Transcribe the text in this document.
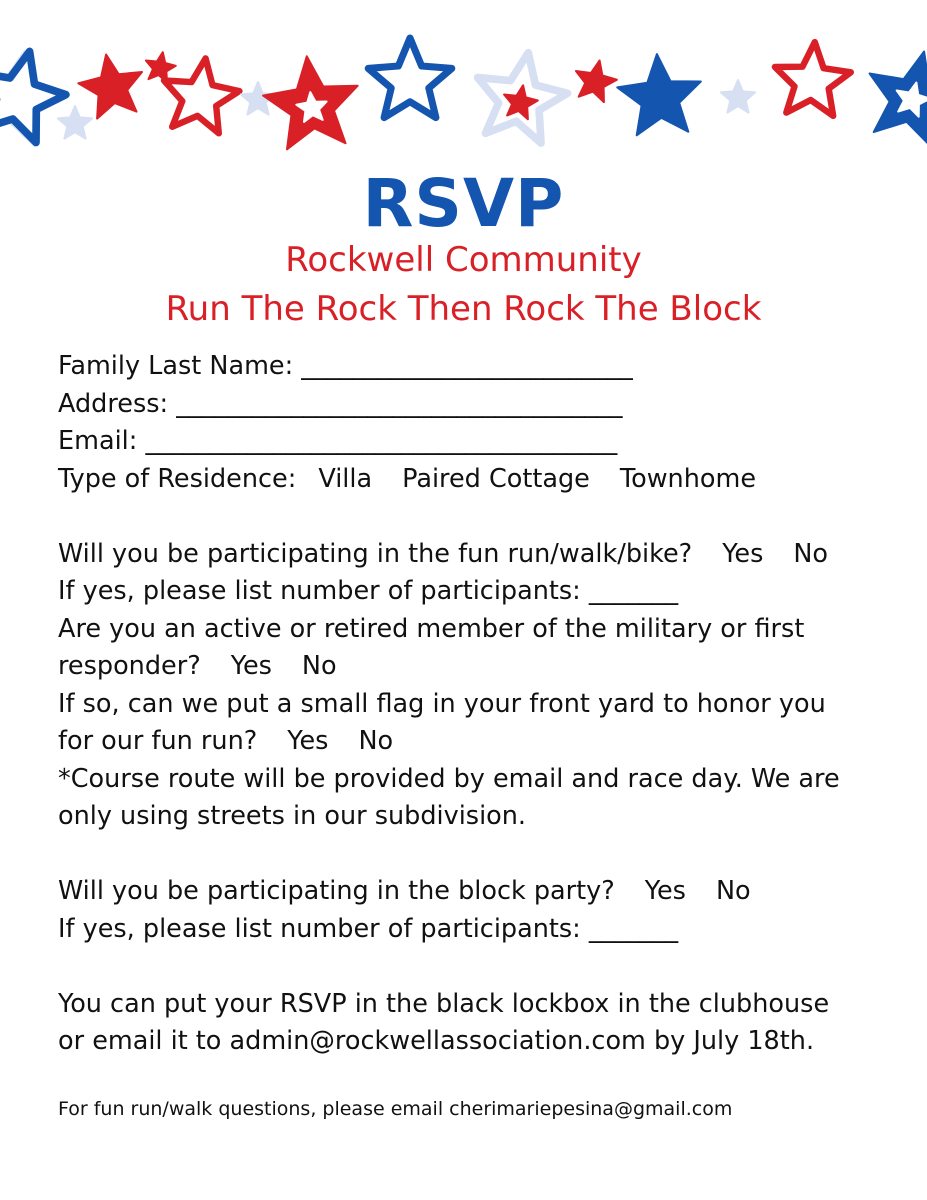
RSVP
Rockwell Community
Run The Rock Then Rock The Block
Family Last Name: __________________________
Address: ___________________________________
Email: _____________________________________
Type of Residence: Villa Paired Cottage Townhome
Will you be participating in the fun run/walk/bike? Yes No
If yes, please list number of participants: _______
Are you an active or retired member of the military or first
responder? Yes No
If so, can we put a small flag in your front yard to honor you
for our fun run? Yes No
*Course route will be provided by email and race day. We are
only using streets in our subdivision.
Will you be participating in the block party? Yes No
If yes, please list number of participants: _______
You can put your RSVP in the black lockbox in the clubhouse
or email it to admin@rockwellassociation.com by July 18th.
For fun run/walk questions, please email cherimariepesina@gmail.com
